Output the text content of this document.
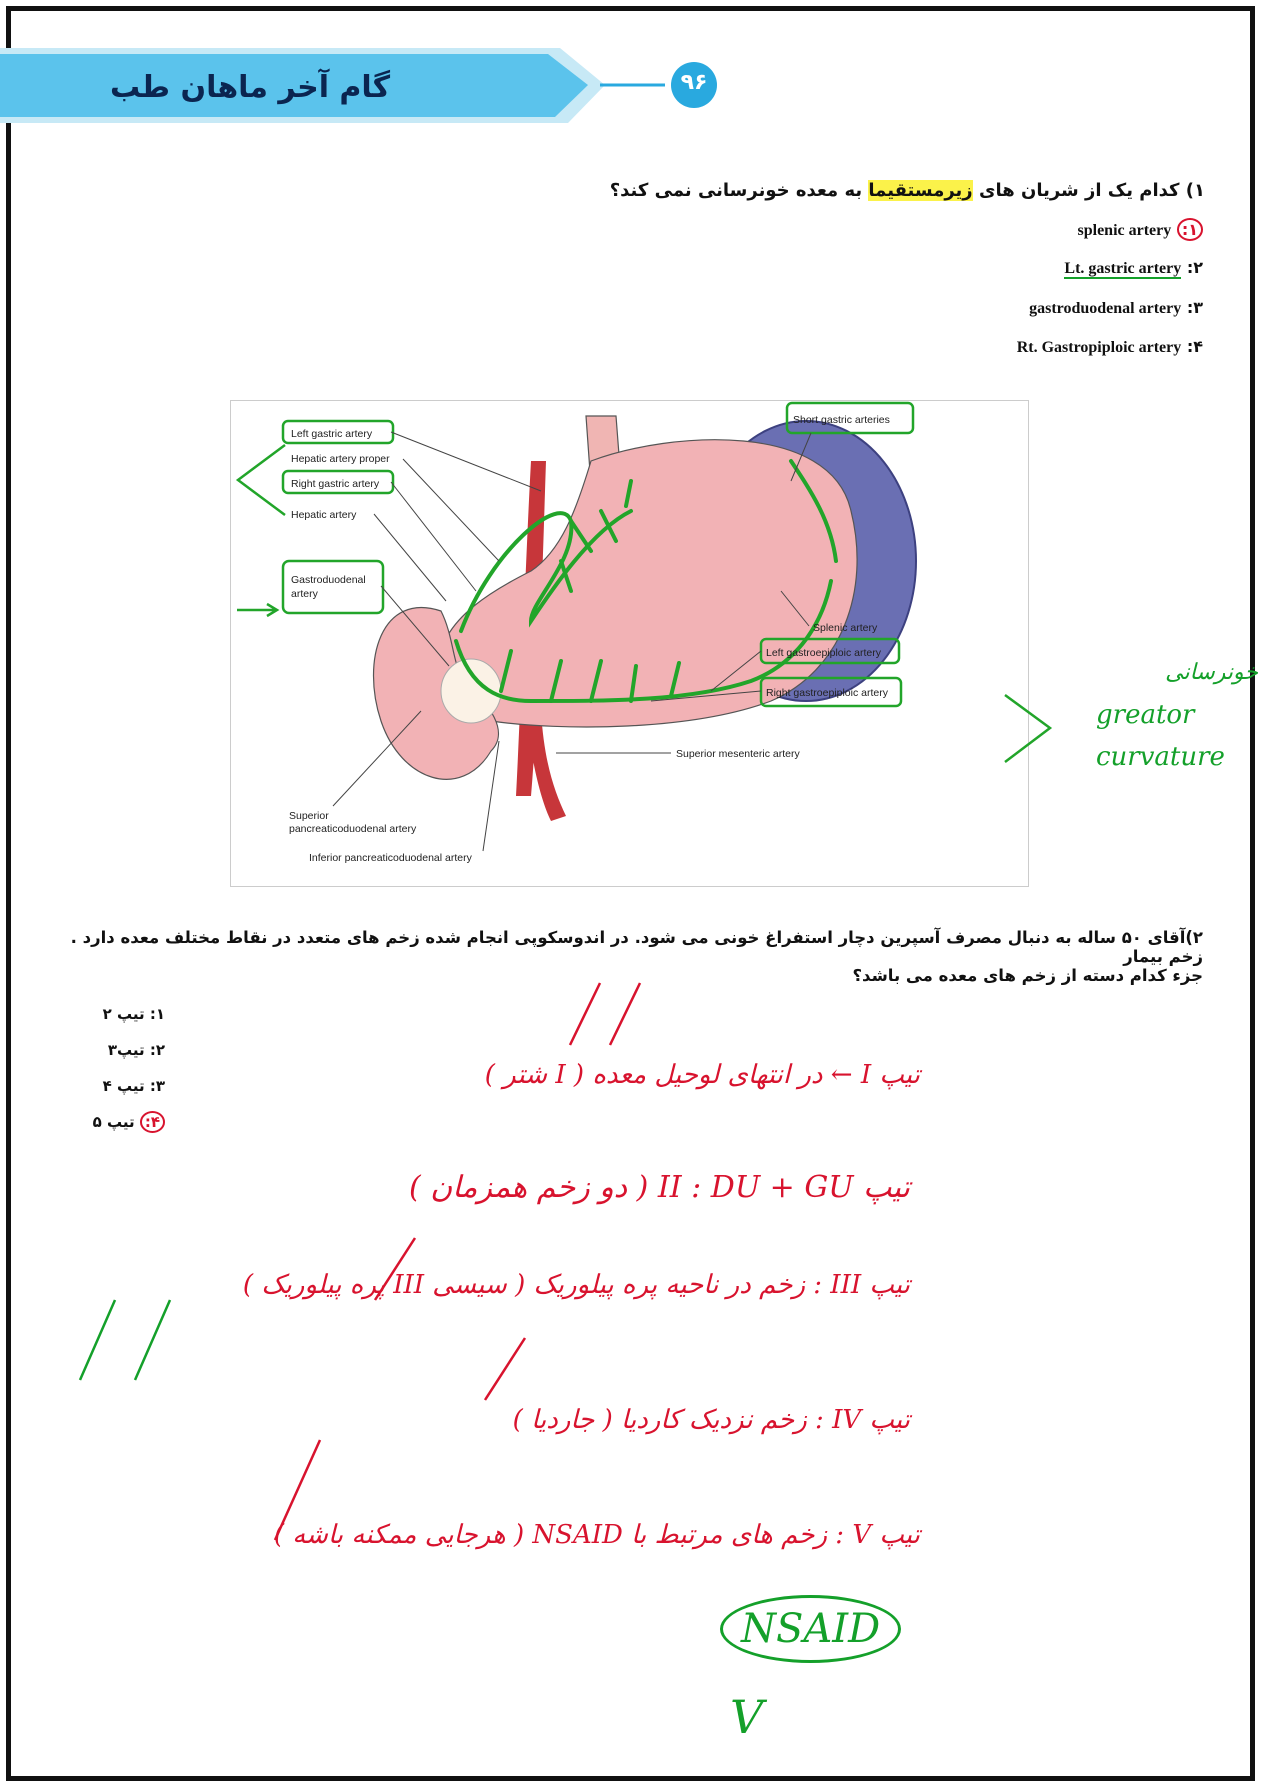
گام آخر ماهان طب	۹۶
۱) کدام یک از شریان های زیرمستقیما به معده خونرسانی نمی کند؟
۱: splenic artery
۲: Lt. gastric artery
۳: gastroduodenal artery
۴: Rt. Gastropiploic artery
Left gastric artery
Hepatic artery proper
Right gastric artery
Hepatic artery
Gastroduodenal
artery
Short gastric arteries
Splenic artery
Left gastroepiploic artery
Right gastroepiploic artery
Superior mesenteric artery
Superior
pancreaticoduodenal artery
Inferior pancreaticoduodenal artery
خونرسانی
greator
curvature
۲)آقای ۵۰ ساله به دنبال مصرف آسپرین دچار استفراغ خونی می شود. در اندوسکوپی انجام شده زخم های متعدد در نقاط مختلف معده دارد . زخم بیمار
جزء کدام دسته از زخم های معده می باشد؟
۱: تیپ ۲
۲: تیپ۳
۳: تیپ ۴
۴: تیپ ۵
تیپ I ← در انتهای لوحیل معده ( I شتر )
تیپ II : DU + GU ( دو زخم همزمان )
تیپ III : زخم در ناحیه پره پیلوریک ( سیسی III پره پیلوریک )
تیپ IV : زخم نزدیک کاردیا ( جاردیا )
تیپ V : زخم های مرتبط با NSAID ( هرجایی ممکنه باشه )
NSAID
V
